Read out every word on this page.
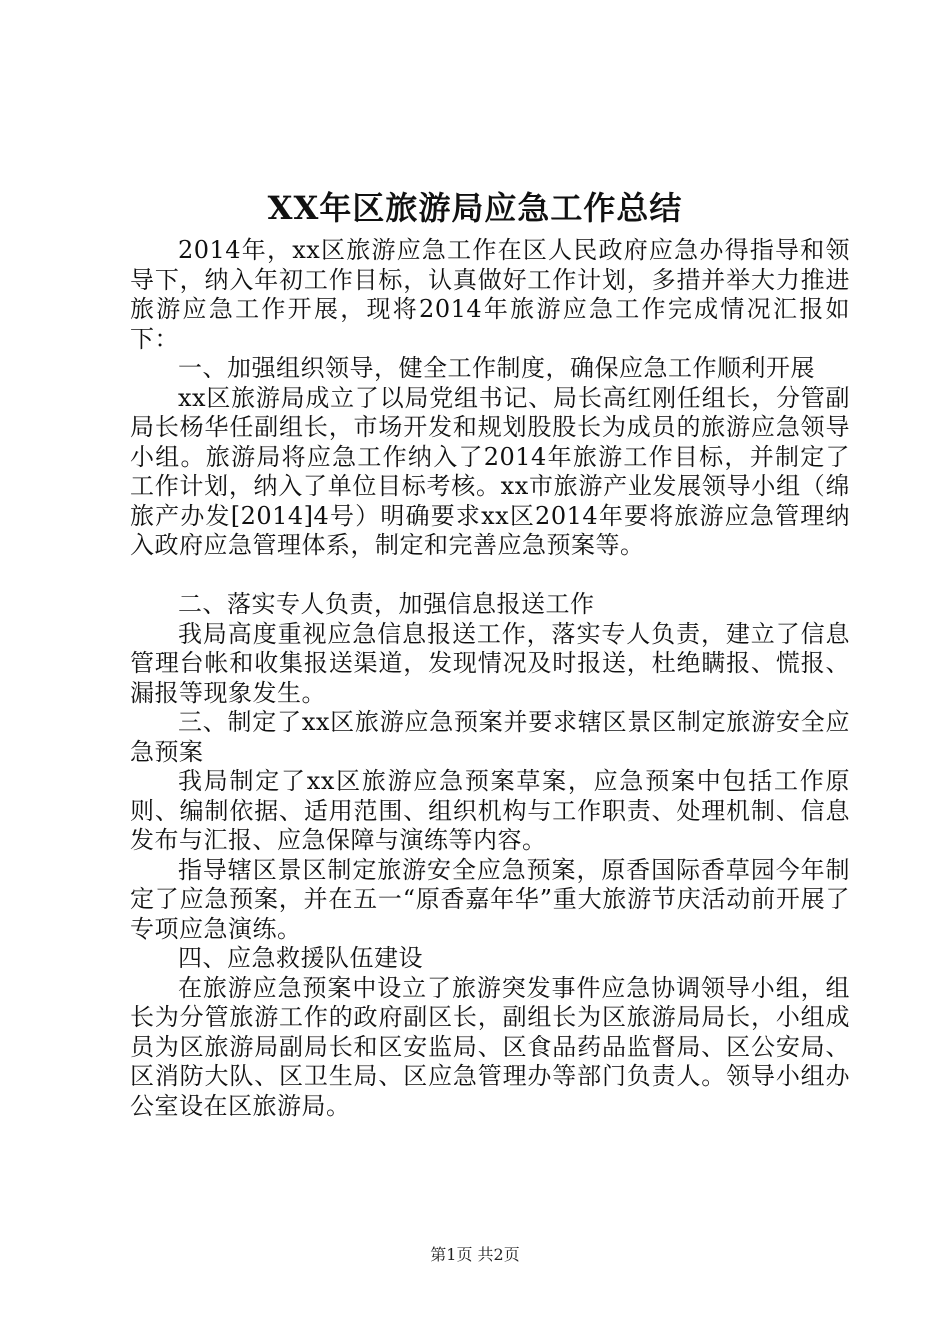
XX年区旅游局应急工作总结

2014年，xx区旅游应急工作在区人民政府应急办得指导和领导下，纳入年初工作目标，认真做好工作计划，多措并举大力推进旅游应急工作开展，现将2014年旅游应急工作完成情况汇报如下：

一、加强组织领导，健全工作制度，确保应急工作顺利开展

xx区旅游局成立了以局党组书记、局长高红刚任组长，分管副局长杨华任副组长，市场开发和规划股股长为成员的旅游应急领导小组。旅游局将应急工作纳入了2014年旅游工作目标，并制定了工作计划，纳入了单位目标考核。xx市旅游产业发展领导小组（绵旅产办发[2014]4号）明确要求xx区2014年要将旅游应急管理纳入政府应急管理体系，制定和完善应急预案等。

二、落实专人负责，加强信息报送工作

我局高度重视应急信息报送工作，落实专人负责，建立了信息管理台帐和收集报送渠道，发现情况及时报送，杜绝瞒报、慌报、漏报等现象发生。

三、制定了xx区旅游应急预案并要求辖区景区制定旅游安全应急预案

我局制定了xx区旅游应急预案草案，应急预案中包括工作原则、编制依据、适用范围、组织机构与工作职责、处理机制、信息发布与汇报、应急保障与演练等内容。

指导辖区景区制定旅游安全应急预案，原香国际香草园今年制定了应急预案，并在五一“原香嘉年华”重大旅游节庆活动前开展了专项应急演练。

四、应急救援队伍建设

在旅游应急预案中设立了旅游突发事件应急协调领导小组，组长为分管旅游工作的政府副区长，副组长为区旅游局局长，小组成员为区旅游局副局长和区安监局、区食品药品监督局、区公安局、区消防大队、区卫生局、区应急管理办等部门负责人。领导小组办公室设在区旅游局。

第1页 共2页
